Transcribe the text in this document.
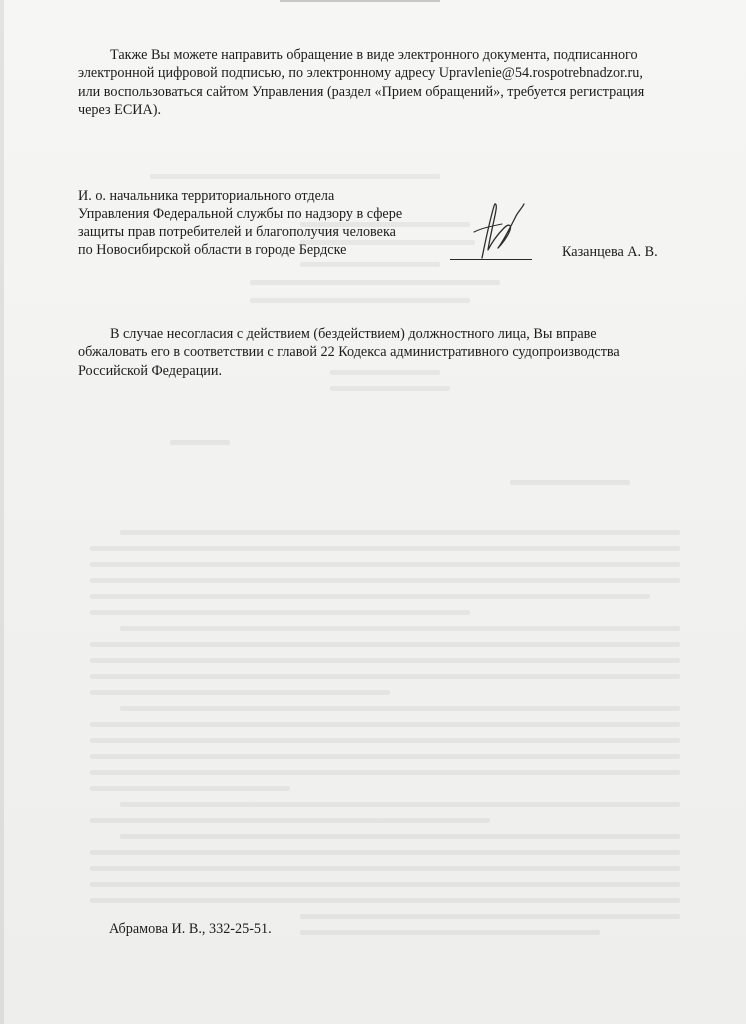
Также Вы можете направить обращение в виде электронного документа, подписанного
электронной цифровой подписью, по электронному адресу Upravlenie@54.rospotrebnadzor.ru,
или воспользоваться сайтом Управления (раздел «Прием обращений», требуется регистрация
через ЕСИА).
И. о. начальника территориального отдела
Управления Федеральной службы по надзору в сфере
защиты прав потребителей и благополучия человека
по Новосибирской области в городе Бердске	Казанцева А. В.
В случае несогласия с действием (бездействием) должностного лица, Вы вправе
обжаловать его в соответствии с главой 22 Кодекса административного судопроизводства
Российской Федерации.
Абрамова И. В., 332-25-51.
